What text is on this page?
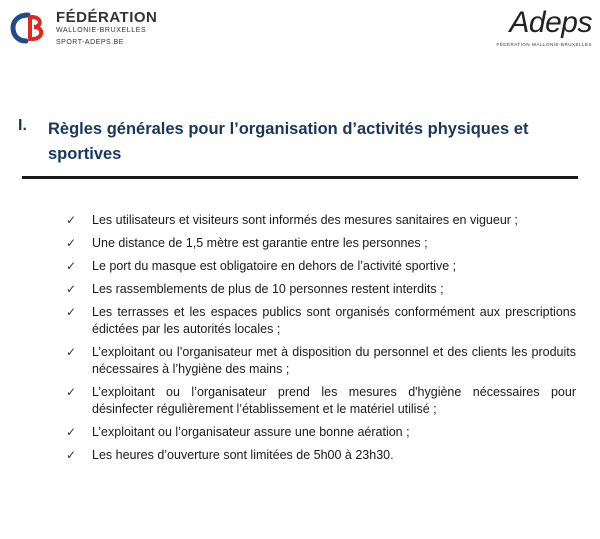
FÉDÉRATION
WALLONIE-BRUXELLES
SPORT-ADEPS.BE
Adeps
FÉDÉRATION WALLONIE-BRUXELLES
I.	Règles générales pour l’organisation d’activités physiques et sportives
✓	Les utilisateurs et visiteurs sont informés des mesures sanitaires en vigueur ;
✓	Une distance de 1,5 mètre est garantie entre les personnes ;
✓	Le port du masque est obligatoire en dehors de l’activité sportive ;
✓	Les rassemblements de plus de 10 personnes restent interdits ;
✓	Les terrasses et les espaces publics sont organisés conformément aux prescriptions édictées par les autorités locales ;
✓	L’exploitant ou l’organisateur met à disposition du personnel et des clients les produits nécessaires à l’hygiène des mains ;
✓	L’exploitant ou l’organisateur prend les mesures d'hygiène nécessaires pour désinfecter régulièrement l’établissement et le matériel utilisé ;
✓	L’exploitant ou l’organisateur assure une bonne aération ;
✓	Les heures d’ouverture sont limitées de 5h00 à 23h30.
